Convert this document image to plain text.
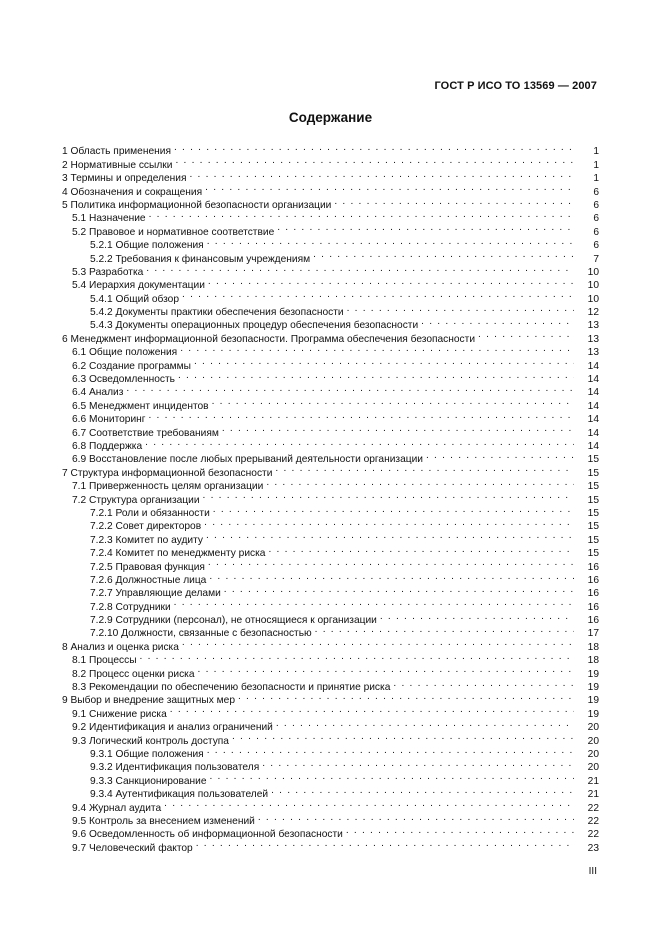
ГОСТ Р ИСО ТО 13569 — 2007
Содержание
1 Область применения . . .	1
2 Нормативные ссылки . . .	1
3 Термины и определения . . .	1
4 Обозначения и сокращения . . .	6
5 Политика информационной безопасности организации . . .	6
5.1 Назначение . . .	6
5.2 Правовое и нормативное соответствие . . .	6
5.2.1 Общие положения . . .	6
5.2.2 Требования к финансовым учреждениям . . .	7
5.3 Разработка . . .	10
5.4 Иерархия документации . . .	10
5.4.1 Общий обзор . . .	10
5.4.2 Документы практики обеспечения безопасности . . .	12
5.4.3 Документы операционных процедур обеспечения безопасности . . .	13
6 Менеджмент информационной безопасности. Программа обеспечения безопасности . . .	13
6.1 Общие положения . . .	13
6.2 Создание программы . . .	14
6.3 Осведомленность . . .	14
6.4 Анализ . . .	14
6.5 Менеджмент инцидентов . . .	14
6.6 Мониторинг . . .	14
6.7 Соответствие требованиям . . .	14
6.8 Поддержка . . .	14
6.9 Восстановление после любых прерываний деятельности организации . . .	15
7 Структура информационной безопасности . . .	15
7.1 Приверженность целям организации . . .	15
7.2 Структура организации . . .	15
7.2.1 Роли и обязанности . . .	15
7.2.2 Совет директоров . . .	15
7.2.3 Комитет по аудиту . . .	15
7.2.4 Комитет по менеджменту риска . . .	15
7.2.5 Правовая функция . . .	16
7.2.6 Должностные лица . . .	16
7.2.7 Управляющие делами . . .	16
7.2.8 Сотрудники . . .	16
7.2.9 Сотрудники (персонал), не относящиеся к организации . . .	16
7.2.10 Должности, связанные с безопасностью . . .	17
8 Анализ и оценка риска . . .	18
8.1 Процессы . . .	18
8.2 Процесс оценки риска . . .	19
8.3 Рекомендации по обеспечению безопасности и принятие риска . . .	19
9 Выбор и внедрение защитных мер . . .	19
9.1 Снижение риска . . .	19
9.2 Идентификация и анализ ограничений . . .	20
9.3 Логический контроль доступа . . .	20
9.3.1 Общие положения . . .	20
9.3.2 Идентификация пользователя . . .	20
9.3.3 Санкционирование . . .	21
9.3.4 Аутентификация пользователей . . .	21
9.4 Журнал аудита . . .	22
9.5 Контроль за внесением изменений . . .	22
9.6 Осведомленность об информационной безопасности . . .	22
9.7 Человеческий фактор . . .	23
III
